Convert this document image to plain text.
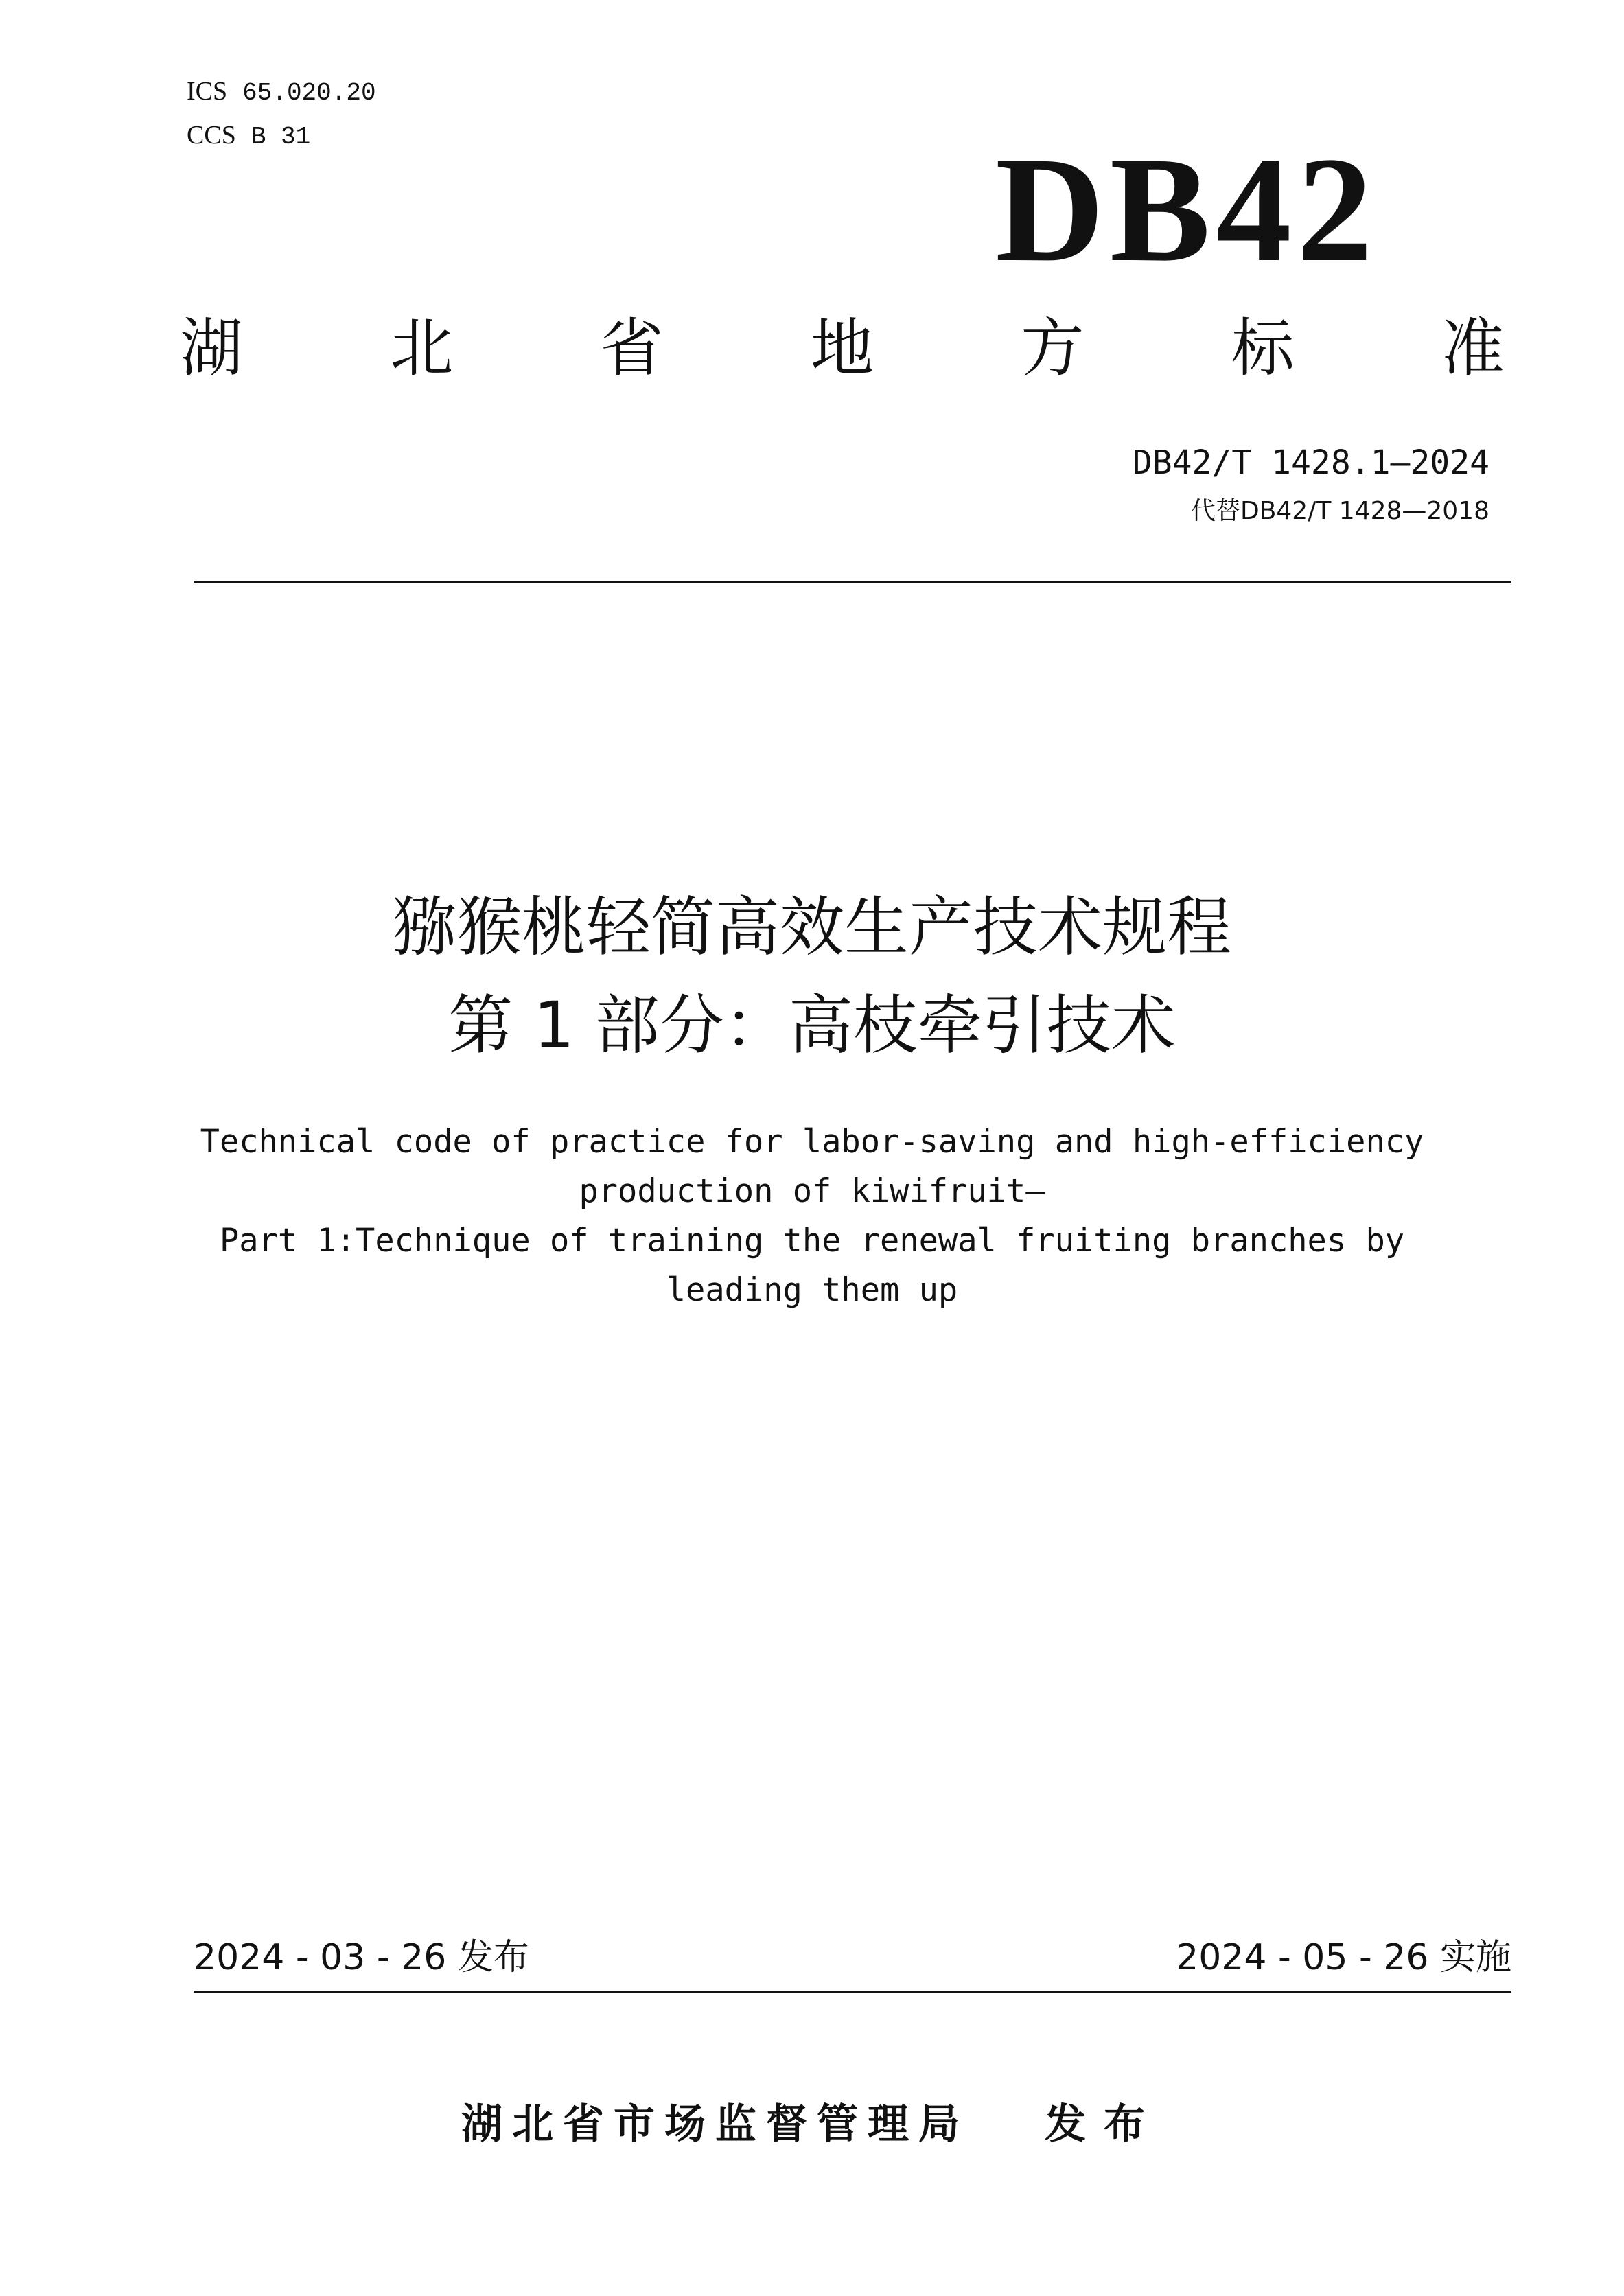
ICS 65.020.20
CCS B 31	DB42
湖 北 省 地 方 标 准
DB42/T 1428.1—2024
代替DB42/T 1428—2018
猕猴桃轻简高效生产技术规程
第 1 部分：高枝牵引技术
Technical code of practice for labor-saving and high-efficiency
production of kiwifruit—
Part 1:Technique of training the renewal fruiting branches by
leading them up
2024 - 03 - 26 发布	2024 - 05 - 26 实施
湖北省市场监督管理局 发布
